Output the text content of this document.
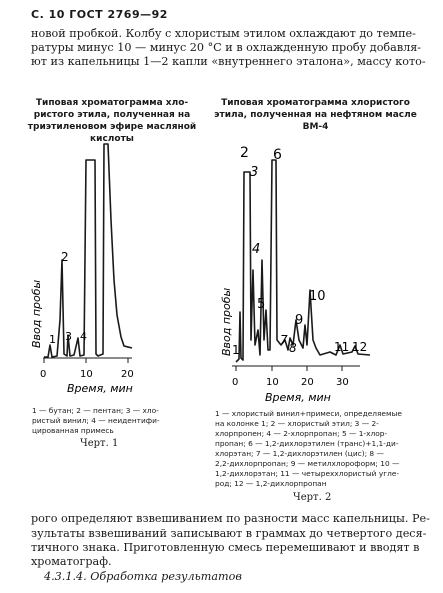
С. 10 ГОСТ 2769—92
новой пробкой. Колбу с хлористым этилом охлаждают до темпе-
ратуры минус 10 — минус 20 °С и в охлажденную пробу добавля-
ют из капельницы 1—2 капли «внутреннего эталона», массу кото-
Типовая хроматограмма хло-
ристого этила, полученная на
триэтиленовом эфире масляной
кислоты
Типовая хроматограмма хлористого
этила, полученная на нефтяном масле
ВМ-4
Ввод пробы 1
2
3 4
0	10	20
Время, мин
Ввод пробы 1
2
3
4
5
6
7
8
9
10
11 12
0	10 20 30
Время, мин
1 — бутан; 2 — пентан; 3 — хло-
ристый винил; 4 — неидентифи-
цированная примесь
Черт. 1
1 — хлористый винил+примеси, определяемые
на колонке 1; 2 — хлористый этил; 3 — 2-
хлорпропен; 4 — 2-хлорпропан; 5 — 1-хлор-
пропан; 6 — 1,2-дихлорэтилен (транс)+1,1-ди-
хлорэтан; 7 — 1,2-дихлорэтилен (цис); 8 —
2,2-дихлорпропан; 9 — метилхлороформ; 10 —
1,2-дихлорэтан; 11 — четыреххлористый угле-
род; 12 — 1,2-дихлорпропан
Черт. 2
рого определяют взвешиванием по разности масс капельницы. Ре-
зультаты взвешиваний записывают в граммах до четвертого деся-
тичного знака. Приготовленную смесь перемешивают и вводят в
хроматограф.
4.3.1.4. Обработка результатов
